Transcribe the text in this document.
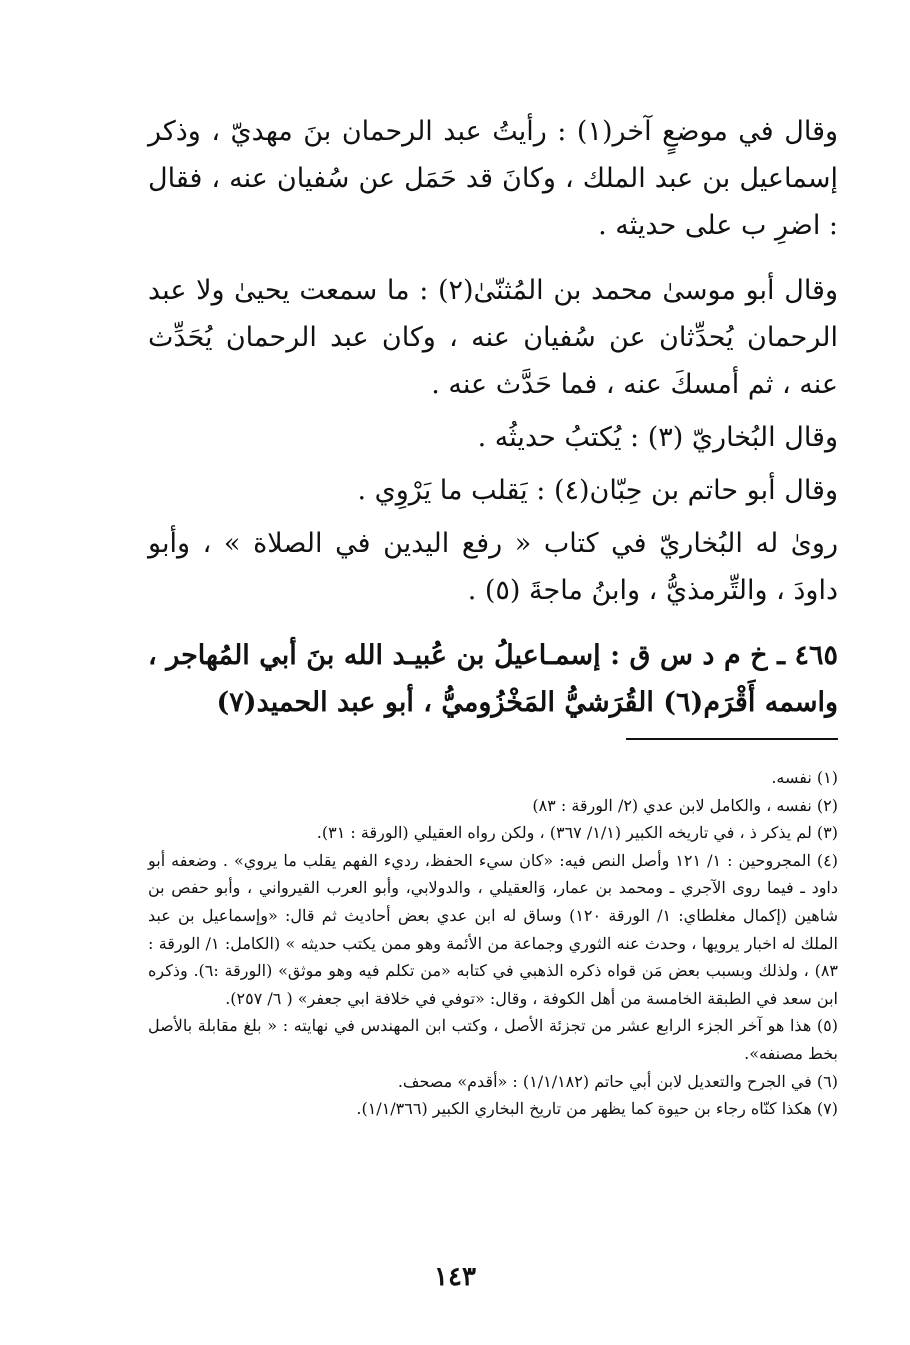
وقال في موضعٍ آخر(١) : رأيتُ عبد الرحمان بنَ مهديّ ، وذكر إسماعيل بن عبد الملك ، وكانَ قد حَمَل عن سُفيان عنه ، فقال : اضرِ ب على حديثه .

وقال أبو موسىٰ محمد بن المُثنّىٰ(٢) : ما سمعت يحيىٰ ولا عبد الرحمان يُحدِّثان عن سُفيان عنه ، وكان عبد الرحمان يُحَدِّث عنه ، ثم أمسكَ عنه ، فما حَدَّث عنه .

وقال البُخاريّ (٣) : يُكتبُ حديثُه .

وقال أبو حاتم بن حِبّان(٤) : يَقلب ما يَرْوِي .

روىٰ له البُخاريّ في كتاب « رفع اليدين في الصلاة » ، وأبو داودَ ، والتِّرمذيُّ ، وابنُ ماجةَ (٥) .

٤٦٥ ـ خ م د س ق : إسمـاعيلُ بن عُبيـد الله بنَ أبي المُهاجر ، واسمه أَقْرَم(٦) القُرَشيُّ المَخْزُوميُّ ، أبو عبد الحميد(٧)

(١) نفسه.

(٢) نفسه ، والكامل لابن عدي (٢/ الورقة : ٨٣)

(٣) لم يذكر ذ ، في تاريخه الكبير (١/١/ ٣٦٧) ، ولكن رواه العقيلي (الورقة : ٣١).

(٤) المجروحين : ١/ ١٢١ وأصل النص فيه: «كان سيء الحفظ، رديء الفهم يقلب ما يروي» . وضعفه أبو داود ـ فيما روى الآجري ـ ومحمد بن عمار، وَالعقيلي ، والدولابي، وأبو العرب القيرواني ، وأبو حفص بن شاهين (إكمال مغلطاي: ١/ الورقة ١٢٠) وساق له ابن عدي بعض أحاديث ثم قال: «وإسماعيل بن عبد الملك له اخبار يرويها ، وحدث عنه الثوري وجماعة من الأئمة وهو ممن يكتب حديثه » (الكامل: ١/ الورقة : ٨٣) ، ولذلك وبسبب بعض مَن قواه ذكره الذهبي في كتابه «من تكلم فيه وهو موثق» (الورقة :٦). وذكره ابن سعد في الطبقة الخامسة من أهل الكوفة ، وقال: «توفي في خلافة ابي جعفر» ( ٦/ ٢٥٧).

(٥) هذا هو آخر الجزء الرابع عشر من تجزئة الأصل ، وكتب ابن المهندس في نهايته : « بلغ مقابلة بالأصل بخط مصنفه».

(٦) في الجرح والتعديل لابن أبي حاتم (١/١/١٨٢) : «أقدم» مصحف.

(٧) هكذا كنّاه رجاء بن حيوة كما يظهر من تاريخ البخاري الكبير (١/١/٣٦٦).

١٤٣
